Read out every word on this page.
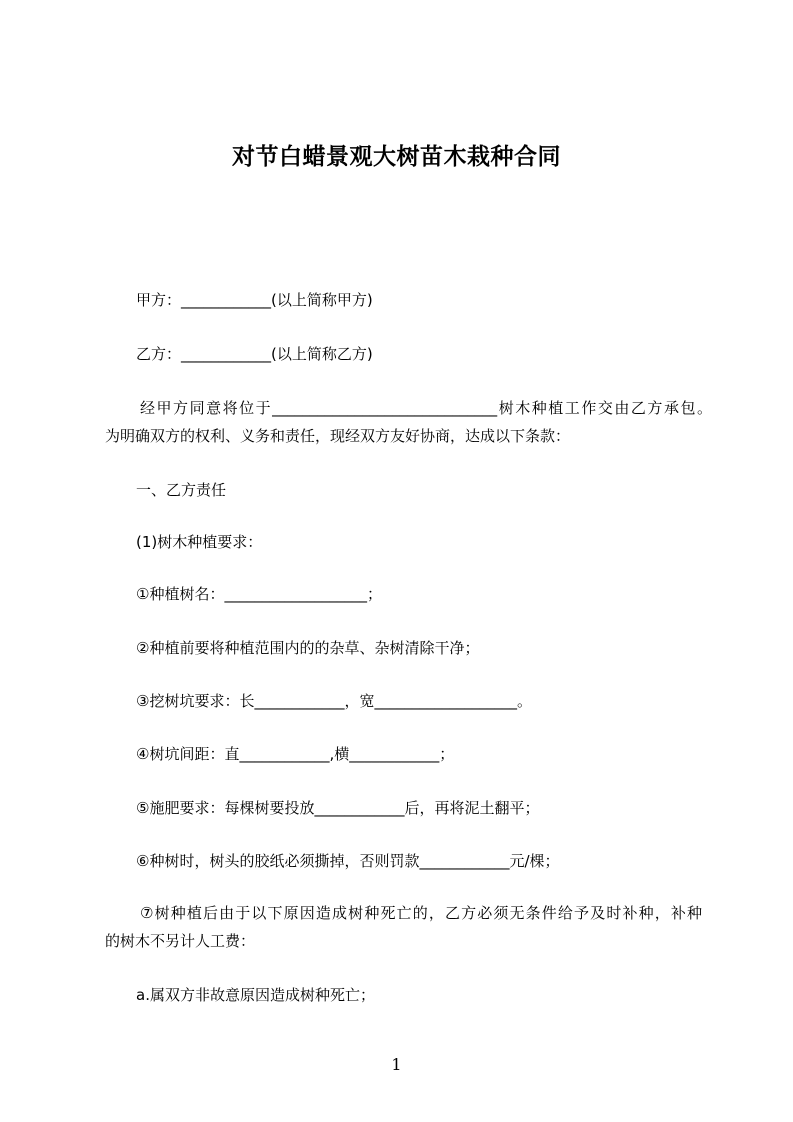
对节白蜡景观大树苗木栽种合同
甲方：____________(以上简称甲方)
乙方：____________(以上简称乙方)
经甲方同意将位于______________________________树木种植工作交由乙方承包。
为明确双方的权利、义务和责任，现经双方友好协商，达成以下条款：
一、乙方责任
(1)树木种植要求：
①种植树名：___________________；
②种植前要将种植范围内的的杂草、杂树清除干净；
③挖树坑要求：长____________，宽___________________。
④树坑间距：直____________,横____________；
⑤施肥要求：每棵树要投放____________后，再将泥土翻平；
⑥种树时，树头的胶纸必须撕掉，否则罚款____________元/棵；
⑦树种植后由于以下原因造成树种死亡的，乙方必须无条件给予及时补种，补种
的树木不另计人工费：
a.属双方非故意原因造成树种死亡；
1
